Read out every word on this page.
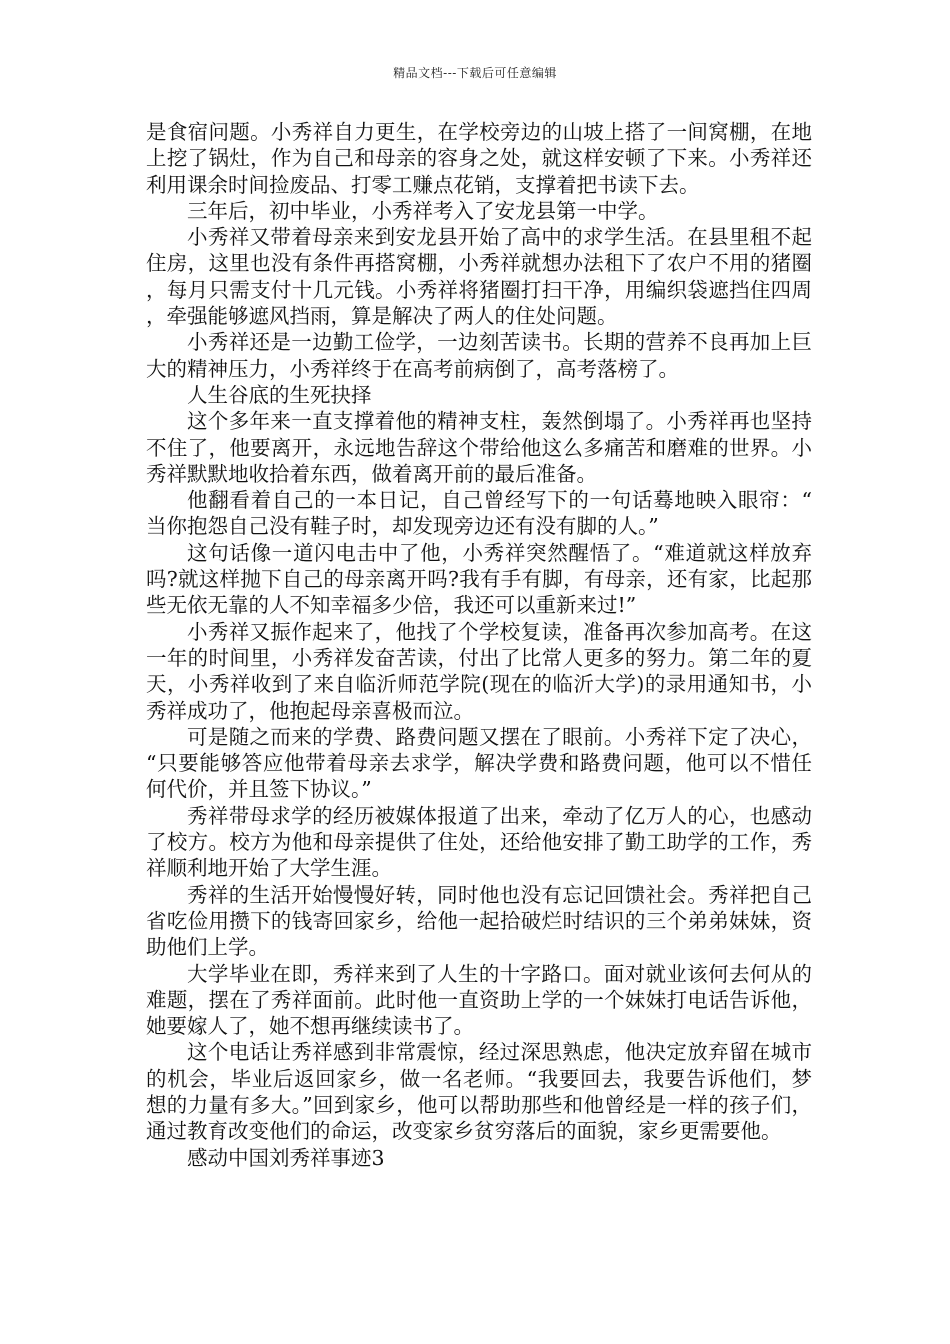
精品文档---下载后可任意编辑

是食宿问题。小秀祥自力更生，在学校旁边的山坡上搭了一间窝棚，在地上挖了锅灶，作为自己和母亲的容身之处，就这样安顿了下来。小秀祥还利用课余时间捡废品、打零工赚点花销，支撑着把书读下去。

三年后，初中毕业，小秀祥考入了安龙县第一中学。

小秀祥又带着母亲来到安龙县开始了高中的求学生活。在县里租不起住房，这里也没有条件再搭窝棚，小秀祥就想办法租下了农户不用的猪圈，每月只需支付十几元钱。小秀祥将猪圈打扫干净，用编织袋遮挡住四周，牵强能够遮风挡雨，算是解决了两人的住处问题。

小秀祥还是一边勤工俭学，一边刻苦读书。长期的营养不良再加上巨大的精神压力，小秀祥终于在高考前病倒了，高考落榜了。

人生谷底的生死抉择

这个多年来一直支撑着他的精神支柱，轰然倒塌了。小秀祥再也坚持不住了，他要离开，永远地告辞这个带给他这么多痛苦和磨难的世界。小秀祥默默地收拾着东西，做着离开前的最后准备。

他翻看着自己的一本日记，自己曾经写下的一句话蓦地映入眼帘：“当你抱怨自己没有鞋子时，却发现旁边还有没有脚的人。”

这句话像一道闪电击中了他，小秀祥突然醒悟了。“难道就这样放弃吗?就这样抛下自己的母亲离开吗?我有手有脚，有母亲，还有家，比起那些无依无靠的人不知幸福多少倍，我还可以重新来过!”

小秀祥又振作起来了，他找了个学校复读，准备再次参加高考。在这一年的时间里，小秀祥发奋苦读，付出了比常人更多的努力。第二年的夏天，小秀祥收到了来自临沂师范学院(现在的临沂大学)的录用通知书，小秀祥成功了，他抱起母亲喜极而泣。

可是随之而来的学费、路费问题又摆在了眼前。小秀祥下定了决心，“只要能够答应他带着母亲去求学，解决学费和路费问题，他可以不惜任何代价，并且签下协议。”

秀祥带母求学的经历被媒体报道了出来，牵动了亿万人的心，也感动了校方。校方为他和母亲提供了住处，还给他安排了勤工助学的工作，秀祥顺利地开始了大学生涯。

秀祥的生活开始慢慢好转，同时他也没有忘记回馈社会。秀祥把自己省吃俭用攒下的钱寄回家乡，给他一起拾破烂时结识的三个弟弟妹妹，资助他们上学。

大学毕业在即，秀祥来到了人生的十字路口。面对就业该何去何从的难题，摆在了秀祥面前。此时他一直资助上学的一个妹妹打电话告诉他，她要嫁人了，她不想再继续读书了。

这个电话让秀祥感到非常震惊，经过深思熟虑，他决定放弃留在城市的机会，毕业后返回家乡，做一名老师。“我要回去，我要告诉他们，梦想的力量有多大。”回到家乡，他可以帮助那些和他曾经是一样的孩子们，通过教育改变他们的命运，改变家乡贫穷落后的面貌，家乡更需要他。

感动中国刘秀祥事迹3
